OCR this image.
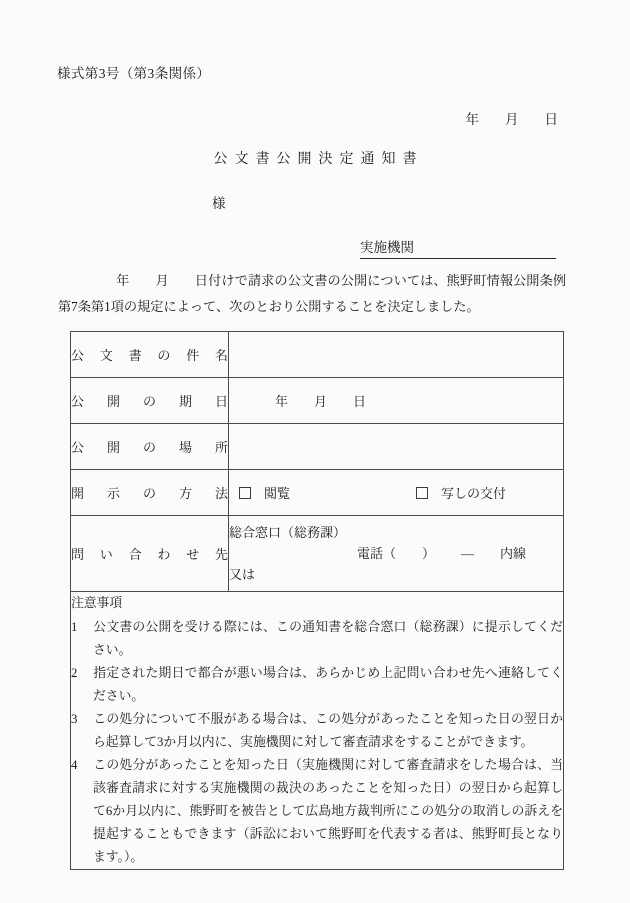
様式第3号（第3条関係）
年 月 日
公文書公開決定通知書
様
実施機関
年 月 日付けで請求の公文書の公開については、熊野町情報公開条例第7条第1項の規定によって、次のとおり公開することを決定しました。
公文書の件名	

公開の期日	年 月 日

公開の場所	

開示の方法	閲覧 写しの交付

問い合わせ先	総合窓口（総務課）
電話（ ） ― 内線
又は

注意事項
1 公文書の公開を受ける際には、この通知書を総合窓口（総務課）に提示してください。
2 指定された期日で都合が悪い場合は、あらかじめ上記問い合わせ先へ連絡してください。
3 この処分について不服がある場合は、この処分があったことを知った日の翌日から起算して3か月以内に、実施機関に対して審査請求をすることができます。
4 この処分があったことを知った日（実施機関に対して審査請求をした場合は、当該審査請求に対する実施機関の裁決のあったことを知った日）の翌日から起算して6か月以内に、熊野町を被告として広島地方裁判所にこの処分の取消しの訴えを提起することもできます（訴訟において熊野町を代表する者は、熊野町長となります。）。	
